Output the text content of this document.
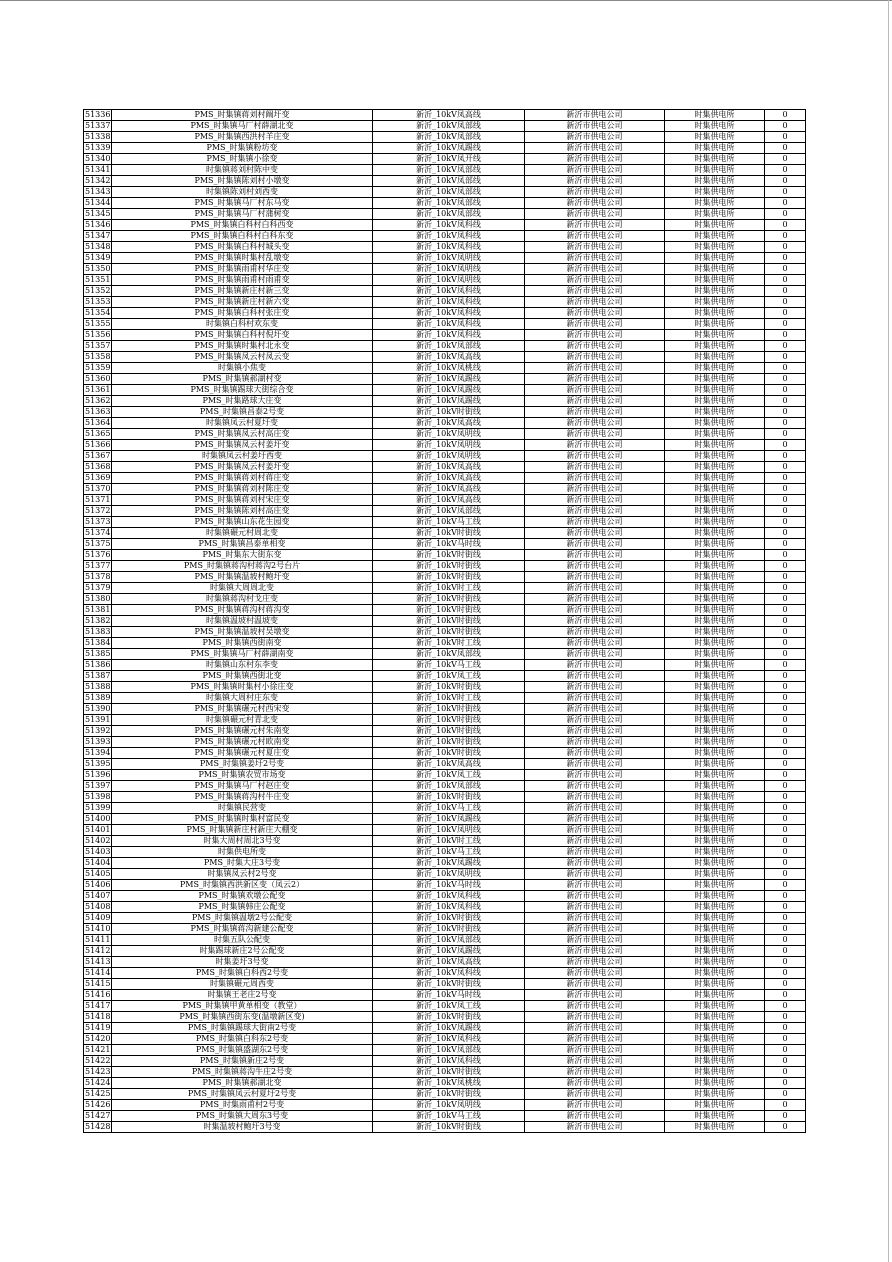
51336	PMS_时集镇蒋刘村阚圩变	新沂_10kV凤高线	新沂市供电公司	时集供电所	0
51337	PMS_时集镇马厂村薛湖北变	新沂_10kV凤部线	新沂市供电公司	时集供电所	0
51338	PMS_时集镇西洪村羊庄变	新沂_10kV凤部线	新沂市供电公司	时集供电所	0
51339	PMS_时集镇粉坊变	新沂_10kV凤踢线	新沂市供电公司	时集供电所	0
51340	PMS_时集镇小徐变	新沂_10kV凤开线	新沂市供电公司	时集供电所	0
51341	时集镇蒋刘村陈中变	新沂_10kV凤部线	新沂市供电公司	时集供电所	0
51342	PMS_时集镇陈刘村小墩变	新沂_10kV凤部线	新沂市供电公司	时集供电所	0
51343	时集镇陈刘村刘西变	新沂_10kV凤部线	新沂市供电公司	时集供电所	0
51344	PMS_时集镇马厂村东马变	新沂_10kV凤部线	新沂市供电公司	时集供电所	0
51345	PMS_时集镇马厂村蒲树变	新沂_10kV凤部线	新沂市供电公司	时集供电所	0
51346	PMS_时集镇白科村白科西变	新沂_10kV凤科线	新沂市供电公司	时集供电所	0
51347	PMS_时集镇白科村白科东变	新沂_10kV凤科线	新沂市供电公司	时集供电所	0
51348	PMS_时集镇白科村城头变	新沂_10kV凤科线	新沂市供电公司	时集供电所	0
51349	PMS_时集镇时集村乱墩变	新沂_10kV凤明线	新沂市供电公司	时集供电所	0
51350	PMS_时集镇雨甫村华庄变	新沂_10kV凤明线	新沂市供电公司	时集供电所	0
51351	PMS_时集镇雨甫村雨甫变	新沂_10kV凤明线	新沂市供电公司	时集供电所	0
51352	PMS_时集镇新庄村新三变	新沂_10kV凤科线	新沂市供电公司	时集供电所	0
51353	PMS_时集镇新庄村新六变	新沂_10kV凤科线	新沂市供电公司	时集供电所	0
51354	PMS_时集镇白科村张庄变	新沂_10kV凤科线	新沂市供电公司	时集供电所	0
51355	时集镇白科村欢东变	新沂_10kV凤科线	新沂市供电公司	时集供电所	0
51356	PMS_时集镇白科村倪圩变	新沂_10kV凤科线	新沂市供电公司	时集供电所	0
51357	PMS_时集镇时集村北永变	新沂_10kV凤部线	新沂市供电公司	时集供电所	0
51358	PMS_时集镇凤云村凤云变	新沂_10kV凤高线	新沂市供电公司	时集供电所	0
51359	时集镇小焦变	新沂_10kV凤桃线	新沂市供电公司	时集供电所	0
51360	PMS_时集镇郝湖村变	新沂_10kV凤踢线	新沂市供电公司	时集供电所	0
51361	PMS_时集镇踢球大街综合变	新沂_10kV凤踢线	新沂市供电公司	时集供电所	0
51362	PMS_时集路球大庄变	新沂_10kV凤踢线	新沂市供电公司	时集供电所	0
51363	PMS_时集镇昌泰2号变	新沂_10kV时街线	新沂市供电公司	时集供电所	0
51364	时集镇凤云村夏圩变	新沂_10kV凤高线	新沂市供电公司	时集供电所	0
51365	PMS_时集镇凤云村高庄变	新沂_10kV凤明线	新沂市供电公司	时集供电所	0
51366	PMS_时集镇凤云村姜圩变	新沂_10kV凤明线	新沂市供电公司	时集供电所	0
51367	时集镇凤云村姜圩西变	新沂_10kV凤明线	新沂市供电公司	时集供电所	0
51368	PMS_时集镇凤云村姜圩变	新沂_10kV凤高线	新沂市供电公司	时集供电所	0
51369	PMS_时集镇蒋刘村蒋庄变	新沂_10kV凤高线	新沂市供电公司	时集供电所	0
51370	PMS_时集镇蒋刘村陈庄变	新沂_10kV凤高线	新沂市供电公司	时集供电所	0
51371	PMS_时集镇蒋刘村宋庄变	新沂_10kV凤高线	新沂市供电公司	时集供电所	0
51372	PMS_时集镇陈刘村高庄变	新沂_10kV凤部线	新沂市供电公司	时集供电所	0
51373	PMS_时集镇山东花生园变	新沂_10kV马工线	新沂市供电公司	时集供电所	0
51374	时集镇碾元村周北变	新沂_10kV时街线	新沂市供电公司	时集供电所	0
51375	PMS_时集镇昌泰单相变	新沂_10kV马时线	新沂市供电公司	时集供电所	0
51376	PMS_时集东大街东变	新沂_10kV时街线	新沂市供电公司	时集供电所	0
51377	PMS_时集镇蒋沟村蒋沟2号台片	新沂_10kV时街线	新沂市供电公司	时集供电所	0
51378	PMS_时集镇温坡村鲍圩变	新沂_10kV时街线	新沂市供电公司	时集供电所	0
51379	时集镇大周周北变	新沂_10kV时工线	新沂市供电公司	时集供电所	0
51380	时集镇蒋沟村戈庄变	新沂_10kV时街线	新沂市供电公司	时集供电所	0
51381	PMS_时集镇蒋沟村蒋沟变	新沂_10kV时街线	新沂市供电公司	时集供电所	0
51382	时集镇温坡村温坡变	新沂_10kV时街线	新沂市供电公司	时集供电所	0
51383	PMS_时集镇温坡村吴墩变	新沂_10kV时街线	新沂市供电公司	时集供电所	0
51384	PMS_时集镇西街南变	新沂_10kV时工线	新沂市供电公司	时集供电所	0
51385	PMS_时集镇马厂村薛湖南变	新沂_10kV凤部线	新沂市供电公司	时集供电所	0
51386	时集镇山东村东李变	新沂_10kV马工线	新沂市供电公司	时集供电所	0
51387	PMS_时集镇西街北变	新沂_10kV凤工线	新沂市供电公司	时集供电所	0
51388	PMS_时集镇时集村小徐庄变	新沂_10kV时街线	新沂市供电公司	时集供电所	0
51389	时集镇大周村庄东变	新沂_10kV时工线	新沂市供电公司	时集供电所	0
51390	PMS_时集镇碾元村西宋变	新沂_10kV时街线	新沂市供电公司	时集供电所	0
51391	时集镇碾元村青北变	新沂_10kV时街线	新沂市供电公司	时集供电所	0
51392	PMS_时集镇碾元村朱南变	新沂_10kV时街线	新沂市供电公司	时集供电所	0
51393	PMS_时集镇碾元村欧南变	新沂_10kV时街线	新沂市供电公司	时集供电所	0
51394	PMS_时集镇碾元村夏庄变	新沂_10kV时街线	新沂市供电公司	时集供电所	0
51395	PMS_时集镇姜圩2号变	新沂_10kV凤高线	新沂市供电公司	时集供电所	0
51396	PMS_时集镇农贸市场变	新沂_10kV凤工线	新沂市供电公司	时集供电所	0
51397	PMS_时集镇马厂村赵庄变	新沂_10kV凤部线	新沂市供电公司	时集供电所	0
51398	PMS_时集镇蒋沟村牛庄变	新沂_10kV时街线	新沂市供电公司	时集供电所	0
51399	时集镇民营变	新沂_10kV马工线	新沂市供电公司	时集供电所	0
51400	PMS_时集镇时集村富民变	新沂_10kV凤踢线	新沂市供电公司	时集供电所	0
51401	PMS_时集镇新庄村新庄大棚变	新沂_10kV凤明线	新沂市供电公司	时集供电所	0
51402	时集大周村周北3号变	新沂_10kV时工线	新沂市供电公司	时集供电所	0
51403	时集供电所变	新沂_10kV马工线	新沂市供电公司	时集供电所	0
51404	PMS_时集大庄3号变	新沂_10kV凤踢线	新沂市供电公司	时集供电所	0
51405	时集镇凤云村2号变	新沂_10kV凤明线	新沂市供电公司	时集供电所	0
51406	PMS_时集镇西洪新区变（凤云2）	新沂_10kV马时线	新沂市供电公司	时集供电所	0
51407	PMS_时集镇欢墩公配变	新沂_10kV凤科线	新沂市供电公司	时集供电所	0
51408	PMS_时集镇韩庄公配变	新沂_10kV凤科线	新沂市供电公司	时集供电所	0
51409	PMS_时集镇温墩2号公配变	新沂_10kV时街线	新沂市供电公司	时集供电所	0
51410	PMS_时集镇蒋沟新建公配变	新沂_10kV时街线	新沂市供电公司	时集供电所	0
51411	时集五队公配变	新沂_10kV凤部线	新沂市供电公司	时集供电所	0
51412	时集踢球新庄2号公配变	新沂_10kV凤踢线	新沂市供电公司	时集供电所	0
51413	时集姜圩3号变	新沂_10kV凤高线	新沂市供电公司	时集供电所	0
51414	PMS_时集镇白科西2号变	新沂_10kV凤科线	新沂市供电公司	时集供电所	0
51415	时集镇碾元周西变	新沂_10kV时街线	新沂市供电公司	时集供电所	0
51416	时集镇王老庄2号变	新沂_10kV马时线	新沂市供电公司	时集供电所	0
51417	PMS_时集镇甲黄单相变（教堂）	新沂_10kV凤工线	新沂市供电公司	时集供电所	0
51418	PMS_时集镇西街东变(温墩新区变)	新沂_10kV时街线	新沂市供电公司	时集供电所	0
51419	PMS_时集镇踢球大街南2号变	新沂_10kV凤踢线	新沂市供电公司	时集供电所	0
51420	PMS_时集镇白科东2号变	新沂_10kV凤科线	新沂市供电公司	时集供电所	0
51421	PMS_时集镇盛湖东2号变	新沂_10kV凤部线	新沂市供电公司	时集供电所	0
51422	PMS_时集镇新庄2号变	新沂_10kV凤科线	新沂市供电公司	时集供电所	0
51423	PMS_时集镇蒋沟牛庄2号变	新沂_10kV时街线	新沂市供电公司	时集供电所	0
51424	PMS_时集镇郝湖北变	新沂_10kV凤桃线	新沂市供电公司	时集供电所	0
51425	PMS_时集镇凤云村夏圩2号变	新沂_10kV时街线	新沂市供电公司	时集供电所	0
51426	PMS_时集雨甫村2号变	新沂_10kV凤明线	新沂市供电公司	时集供电所	0
51427	PMS_时集镇大周东3号变	新沂_10kV马工线	新沂市供电公司	时集供电所	0
51428	时集温坡村鲍圩3号变	新沂_10kV时街线	新沂市供电公司	时集供电所	0
